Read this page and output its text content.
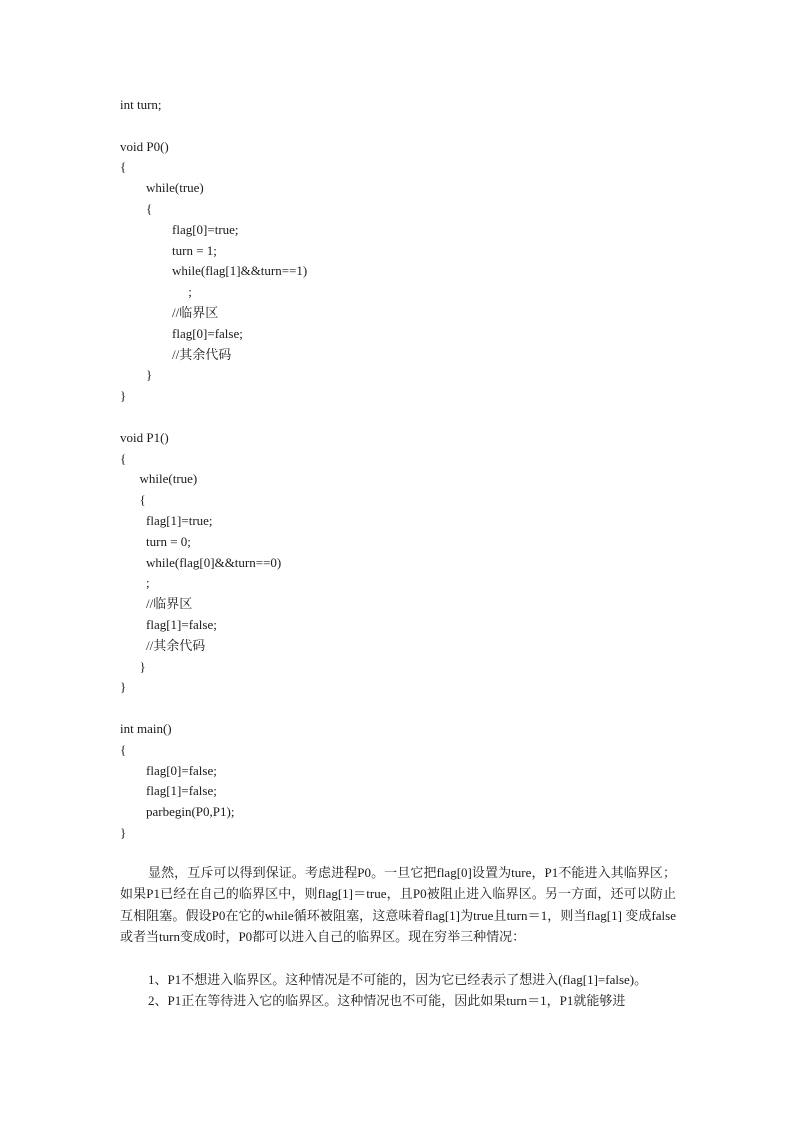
int turn;
void P0()
{
while(true)
{
flag[0]=true;
turn = 1;
while(flag[1]&&turn==1)
;
//临界区
flag[0]=false;
//其余代码
}
}
void P1()
{
while(true)
{
flag[1]=true;
turn = 0;
while(flag[0]&&turn==0)
;
//临界区
flag[1]=false;
//其余代码
}
}
int main()
{
flag[0]=false;
flag[1]=false;
parbegin(P0,P1);
}
显然，互斥可以得到保证。考虑进程P0。一旦它把flag[0]设置为ture，P1不能进入其临界区；如果P1已经在自己的临界区中，则flag[1]＝true，且P0被阻止进入临界区。另一方面，还可以防止互相阻塞。假设P0在它的while循环被阻塞，这意味着flag[1]为true且turn＝1，则当flag[1] 变成false或者当turn变成0时，P0都可以进入自己的临界区。现在穷举三种情况：
1、P1不想进入临界区。这种情况是不可能的，因为它已经表示了想进入(flag[1]=false)。
2、P1正在等待进入它的临界区。这种情况也不可能，因此如果turn＝1，P1就能够进
